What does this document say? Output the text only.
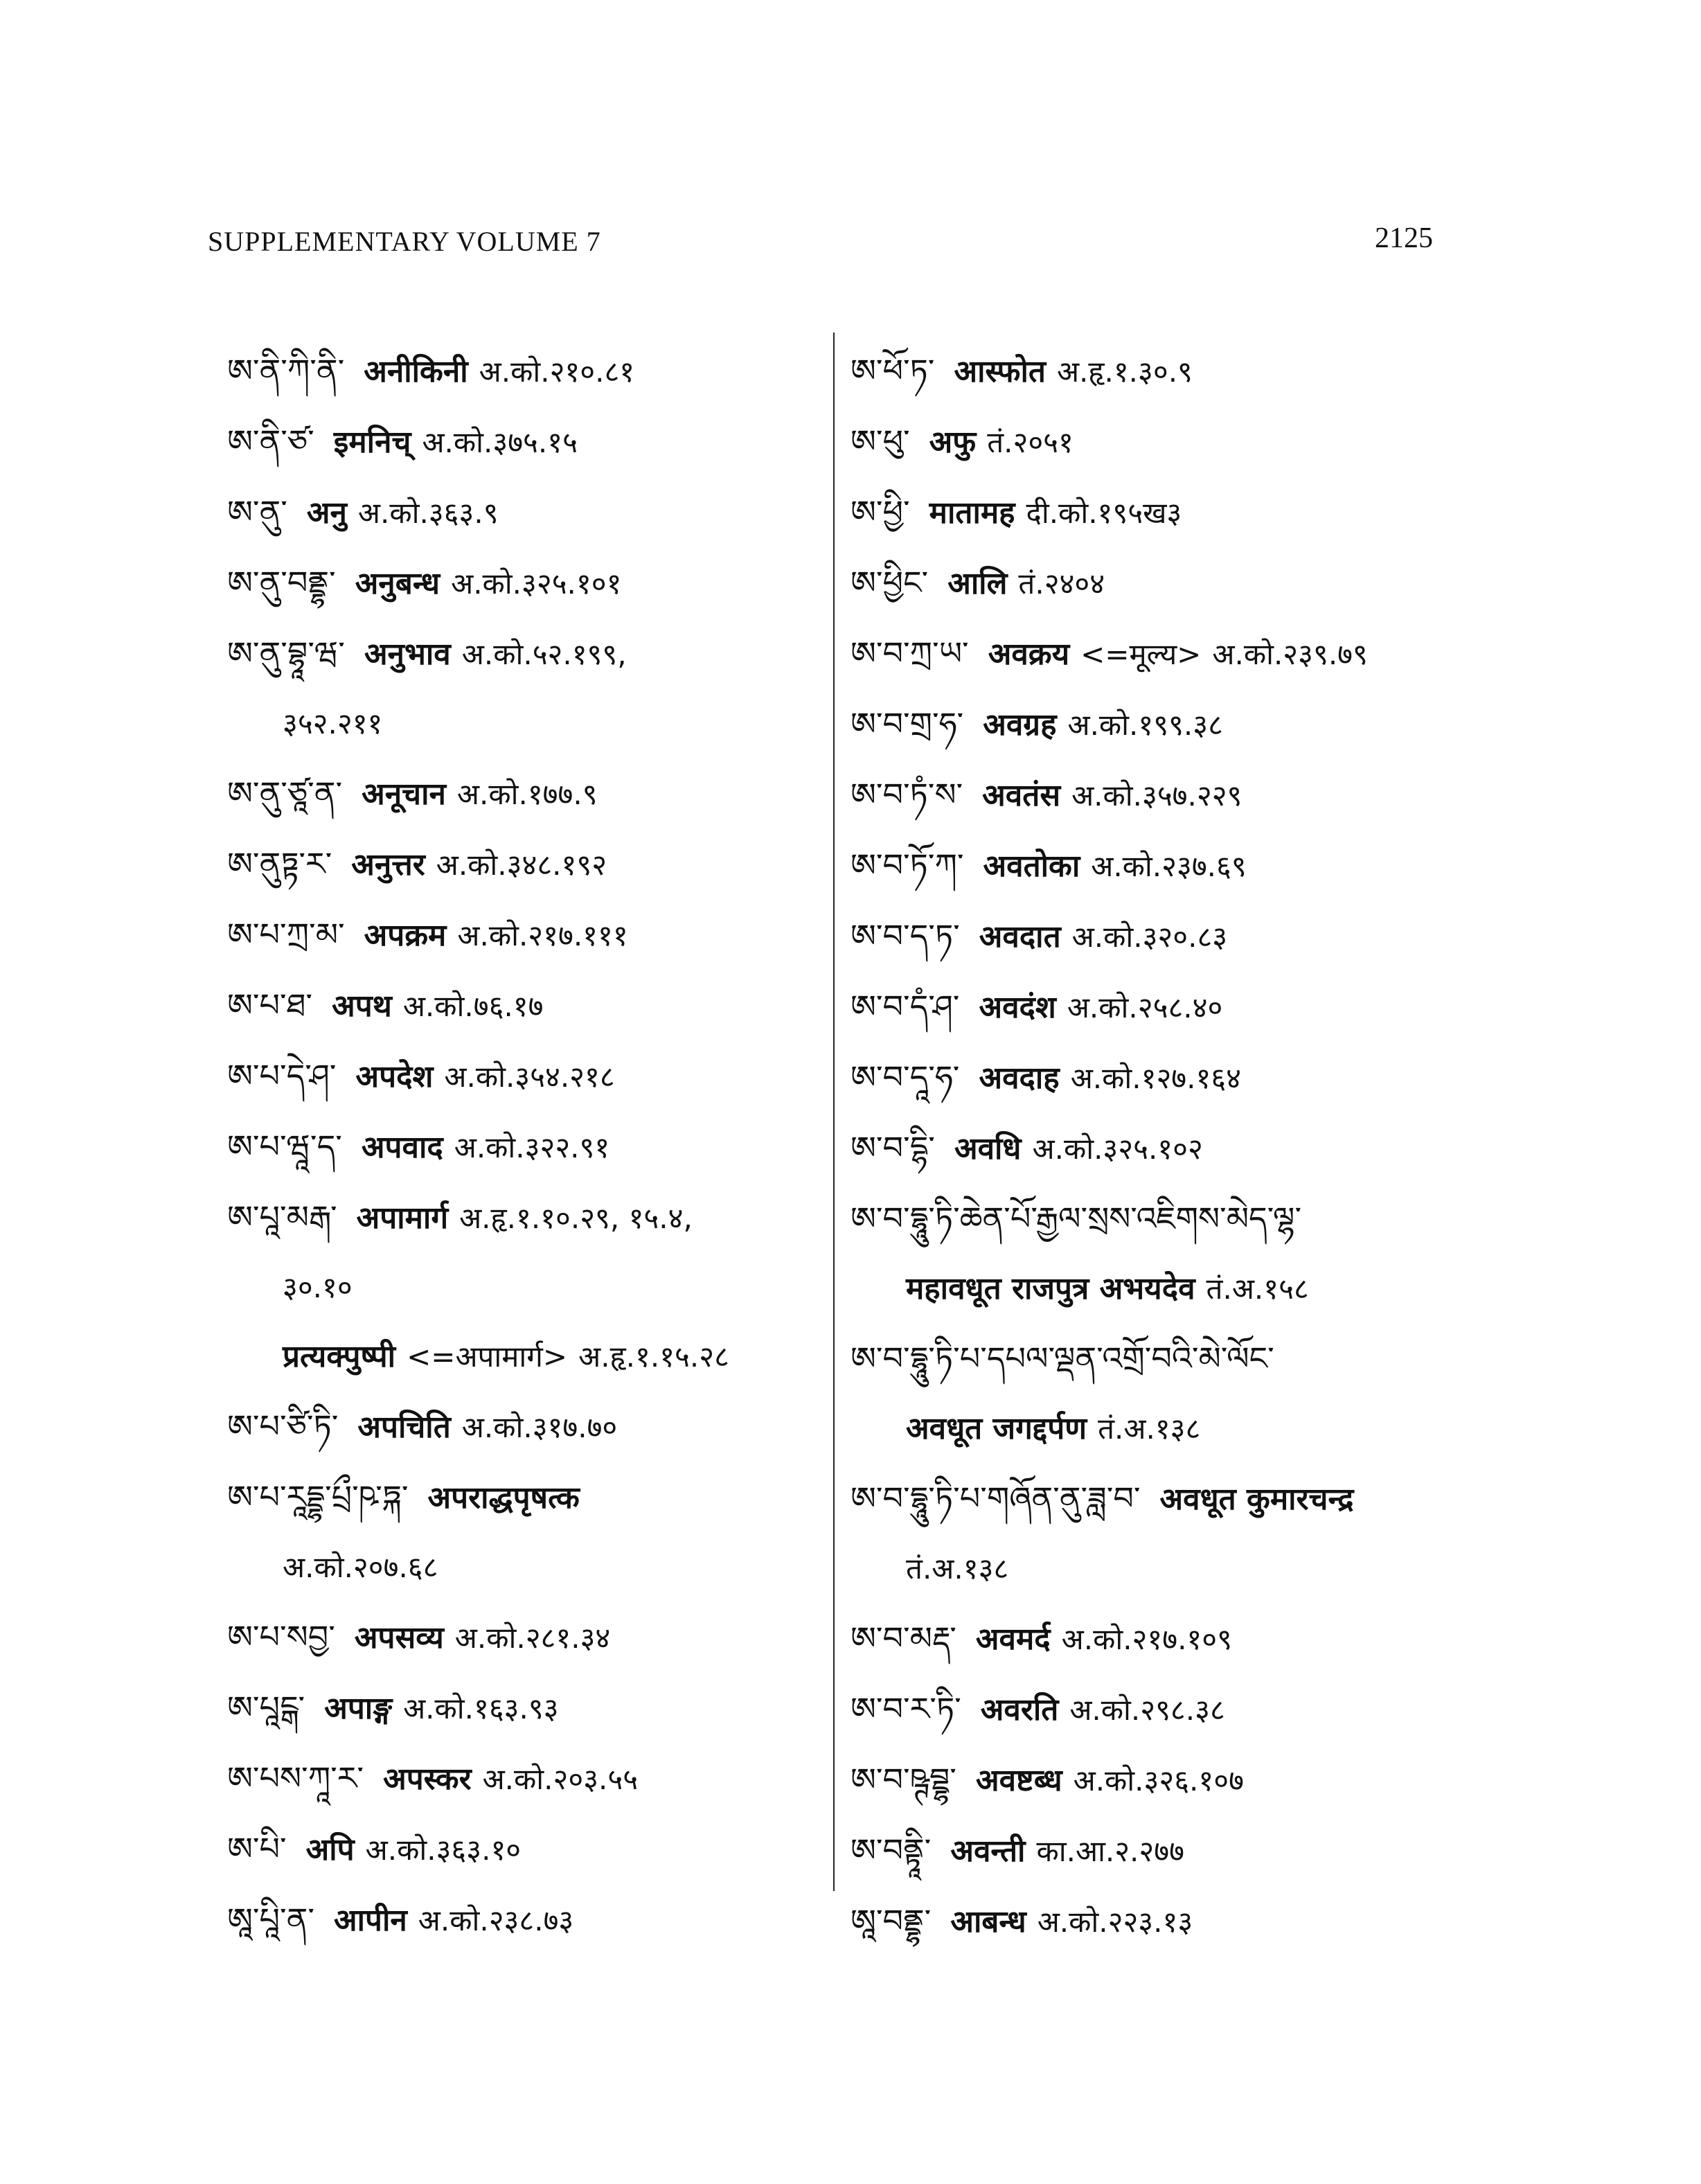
SUPPLEMENTARY VOLUME 7	2125
ཨ་ནི་ཀི་ནི་ अनीकिनी अ.को.२१०.८१
ཨ་ནི་ཙ་ इमनिच् अ.को.३७५.१५
ཨ་ནུ་ अनु अ.को.३६३.९
ཨ་ནུ་བནྡྷ་ अनुबन्ध अ.को.३२५.१०१
ཨ་ནུ་བྷཱ་ཝ་ अनुभाव अ.को.५२.१९९,
३५२.२११
ཨ་ནུ་ཙཱ་ན་ अनूचान अ.को.१७७.९
ཨ་ནུཏྟ་ར་ अनुत्तर अ.को.३४८.१९२
ཨ་པ་ཀྲ་མ་ अपक्रम अ.को.२१७.१११
ཨ་པ་ཐ་ अपथ अ.को.७६.१७
ཨ་པ་དེ་ཤ་ अपदेश अ.को.३५४.२१८
ཨ་པ་ཝཱ་ད་ अपवाद अ.को.३२२.९१
ཨ་པཱ་མརྒ་ अपामार्ग अ.हृ.१.१०.२९, १५.४,
३०.१०
प्रत्यक्पुष्पी <=अपामार्ग> अ.हृ.१.१५.२८
ཨ་པ་ཙི་ཏི་ अपचिति अ.को.३१७.७०
ཨ་པ་རཱདྡྷ་པྲྀ་ཥ་ཏྐ་ अपराद्धपृषत्क
अ.को.२०७.६८
ཨ་པ་སབྱ་ अपसव्य अ.को.२८१.३४
ཨ་པཱངྒ་ अपाङ्ग अ.को.१६३.९३
ཨ་པས་ཀཱ་ར་ अपस्कर अ.को.२०३.५५
ཨ་པི་ अपि अ.को.३६३.१०
ཨཱ་པཱི་ན་ आपीन अ.को.२३८.७३
ཨ་ཕོ་ཏ་ आस्फोत अ.हृ.१.३०.९
ཨ་ཕུ་ अफु तं.२०५१
ཨ་ཕྱི་ मातामह दी.को.१९५ख३
ཨ་ཕྱིང་ आलि तं.२४०४
ཨ་བ་ཀྲ་ཡ་ अवक्रय <=मूल्य> अ.को.२३९.७९
ཨ་བ་གྲ་ཧ་ अवग्रह अ.को.१९९.३८
ཨ་བ་ཏཾ་ས་ अवतंस अ.को.३५७.२२९
ཨ་བ་ཏོ་ཀ་ अवतोका अ.को.२३७.६९
ཨ་བ་ད་ཏ་ अवदात अ.को.३२०.८३
ཨ་བ་དཾ་ཤ་ अवदंश अ.को.२५८.४०
ཨ་བ་དཱ་ཧ་ अवदाह अ.को.१२७.१६४
ཨ་བ་དྷི་ अवधि अ.को.३२५.१०२
ཨ་བ་དྷཱུ་ཏི་ཆེན་པོ་རྒྱལ་སྲས་འཇིགས་མེད་ལྷ་
महावधूत राजपुत्र अभयदेव तं.अ.१५८
ཨ་བ་དྷཱུ་ཏི་པ་དཔལ་ལྡན་འགྲོ་བའི་མེ་ལོང་
अवधूत जगद्दर्पण तं.अ.१३८
ཨ་བ་དྷཱུ་ཏི་པ་གཞོན་ནུ་ཟླ་བ་ अवधूत कुमारचन्द्र
तं.अ.१३८
ཨ་བ་མརྡ་ अवमर्द अ.को.२१७.१०९
ཨ་བ་ར་ཏི་ अवरति अ.को.२९८.३८
ཨ་བ་ཥྚབྡྷ་ अवष्टब्ध अ.को.३२६.१०७
ཨ་བནྟཱི་ अवन्ती का.आ.२.२७७
ཨཱ་བནྡྷ་ आबन्ध अ.को.२२३.१३
